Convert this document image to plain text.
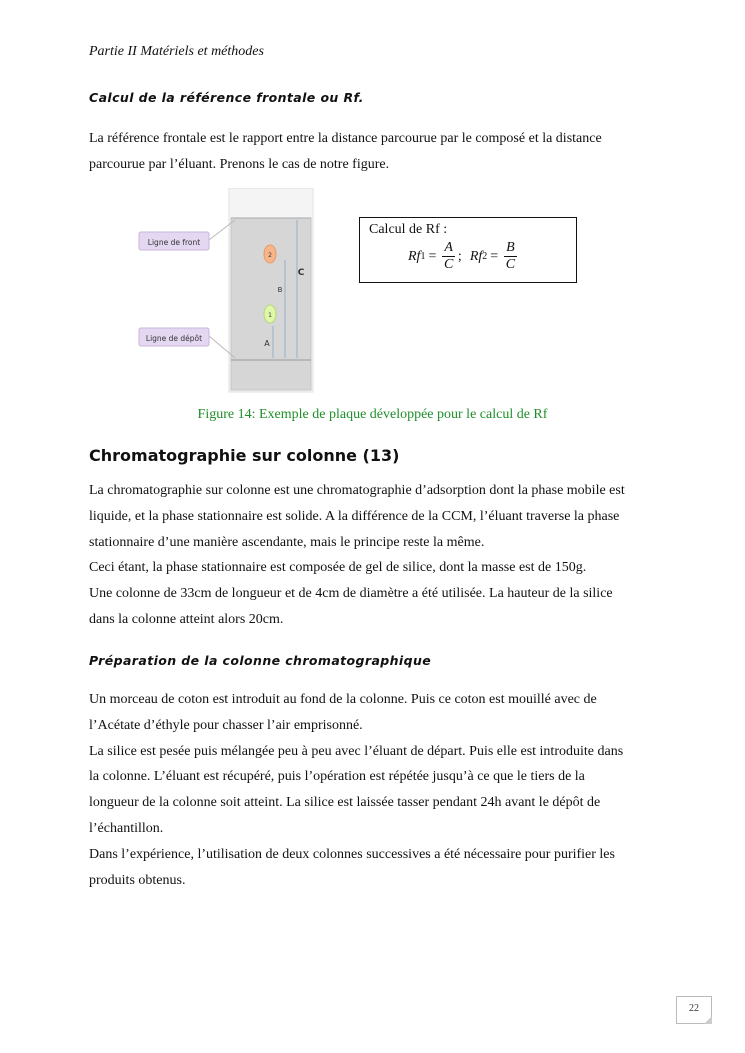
Partie II Matériels et méthodes
Calcul de la référence frontale ou Rf.

La référence frontale est le rapport entre la distance parcourue par le composé et la distance
parcourue par l’éluant. Prenons le cas de notre figure.

Ligne de front
Ligne de dépôt
2
1
A
B
C
Calcul de Rf :
Rf $1 = \frac{A}{C}$ ; Rf $2 = \frac{B}{C}$
Figure 14: Exemple de plaque développée pour le calcul de Rf
Chromatographie sur colonne (13)

La chromatographie sur colonne est une chromatographie d’adsorption dont la phase mobile est
liquide, et la phase stationnaire est solide. A la différence de la CCM, l’éluant traverse la phase
stationnaire d’une manière ascendante, mais le principe reste la même.
Ceci étant, la phase stationnaire est composée de gel de silice, dont la masse est de 150g.
Une colonne de 33cm de longueur et de 4cm de diamètre a été utilisée. La hauteur de la silice
dans la colonne atteint alors 20cm.

Préparation de la colonne chromatographique

Un morceau de coton est introduit au fond de la colonne. Puis ce coton est mouillé avec de
l’Acétate d’éthyle pour chasser l’air emprisonné.
La silice est pesée puis mélangée peu à peu avec l’éluant de départ. Puis elle est introduite dans
la colonne. L’éluant est récupéré, puis l’opération est répétée jusqu’à ce que le tiers de la
longueur de la colonne soit atteint. La silice est laissée tasser pendant 24h avant le dépôt de
l’échantillon.
Dans l’expérience, l’utilisation de deux colonnes successives a été nécessaire pour purifier les
produits obtenus.

22
